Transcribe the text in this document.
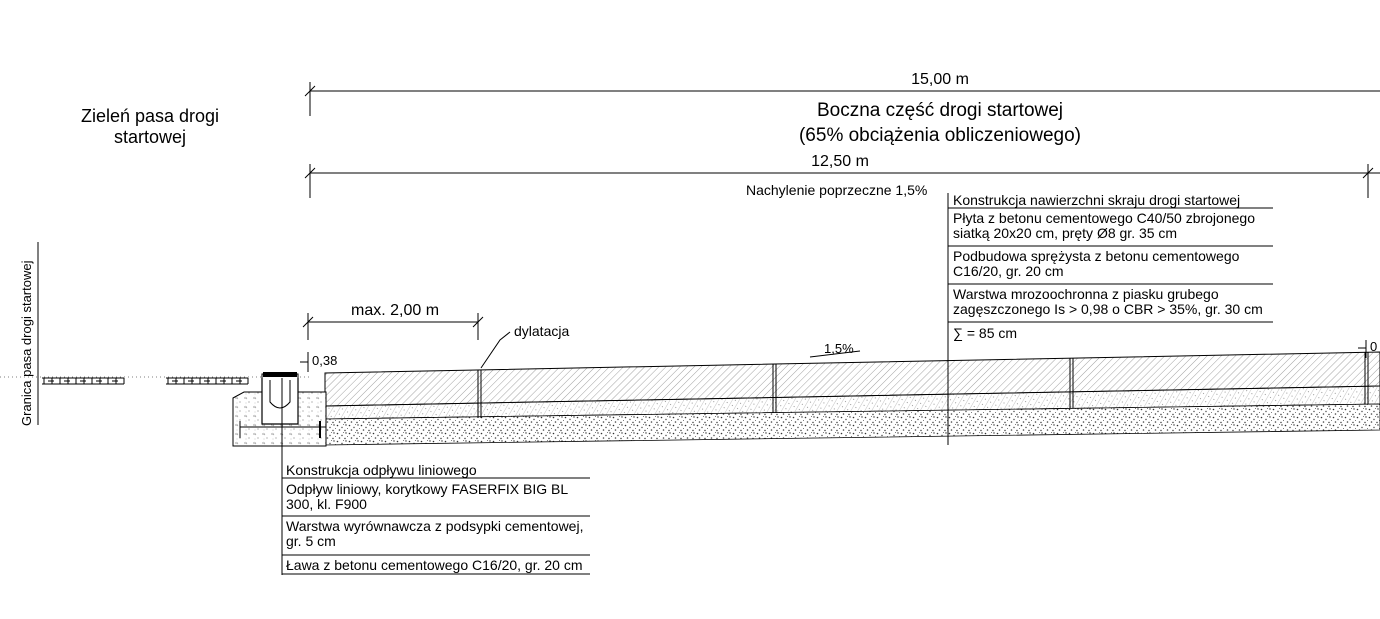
Zieleń pasa drogi
startowej
Granica pasa drogi startowej
15,00 m
Boczna część drogi startowej
(65% obciążenia obliczeniowego)
12,50 m
Nachylenie poprzeczne 1,5%
max. 2,00 m
dylatacja
0,38
1,5%	0
Konstrukcja nawierzchni skraju drogi startowej
Płyta z betonu cementowego C40/50 zbrojonego siatką 20x20 cm, pręty Ø8 gr. 35 cm
Podbudowa sprężysta z betonu cementowego C16/20, gr. 20 cm
Warstwa mrozoochronna z piasku grubego zagęszczonego Is > 0,98 o CBR > 35%, gr. 30 cm
∑ = 85 cm
Konstrukcja odpływu liniowego
Odpływ liniowy, korytkowy FASERFIX BIG BL 300, kl. F900
Warstwa wyrównawcza z podsypki cementowej, gr. 5 cm
Ława z betonu cementowego C16/20, gr. 20 cm
